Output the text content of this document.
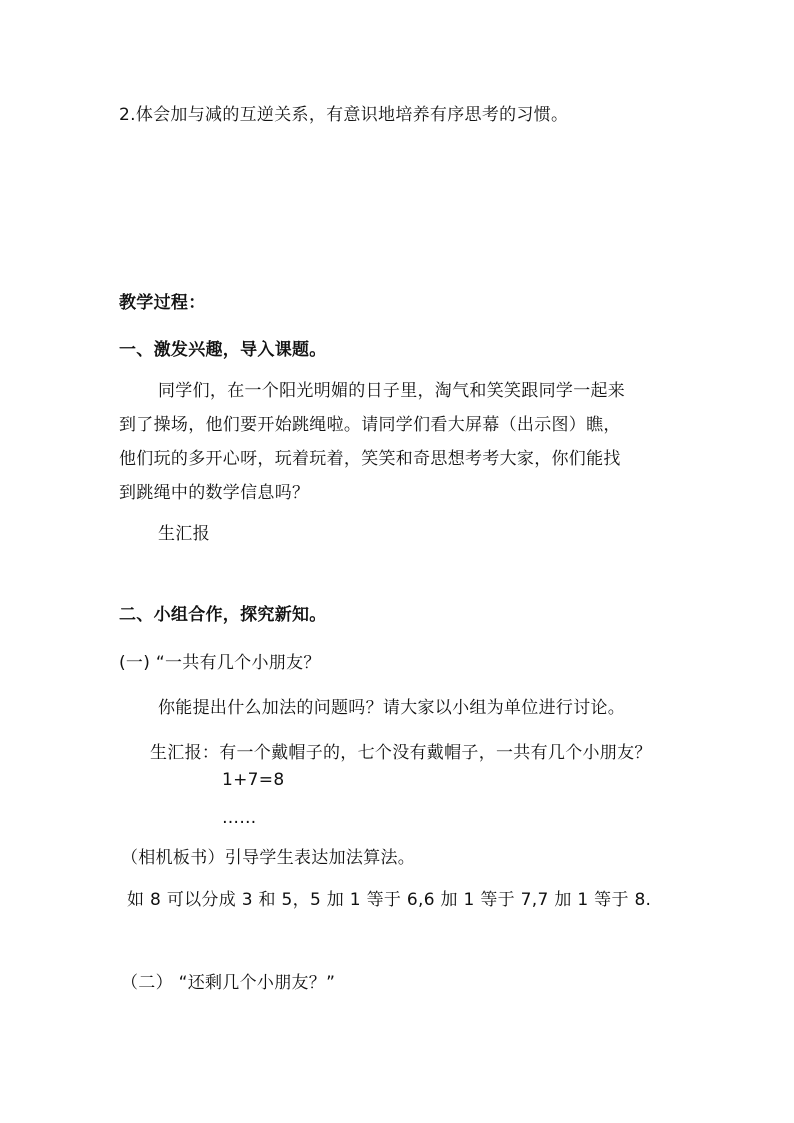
2.体会加与减的互逆关系，有意识地培养有序思考的习惯。
教学过程：
一、激发兴趣，导入课题。
同学们，在一个阳光明媚的日子里，淘气和笑笑跟同学一起来
到了操场，他们要开始跳绳啦。请同学们看大屏幕（出示图）瞧，
他们玩的多开心呀，玩着玩着，笑笑和奇思想考考大家，你们能找
到跳绳中的数学信息吗？
生汇报
二、小组合作，探究新知。
(一) “一共有几个小朋友？
你能提出什么加法的问题吗？请大家以小组为单位进行讨论。
生汇报：有一个戴帽子的，七个没有戴帽子，一共有几个小朋友？
1+7=8
……
（相机板书）引导学生表达加法算法。
如 8 可以分成 3 和 5，5 加 1 等于 6,6 加 1 等于 7,7 加 1 等于 8.
（二） “还剩几个小朋友？”
